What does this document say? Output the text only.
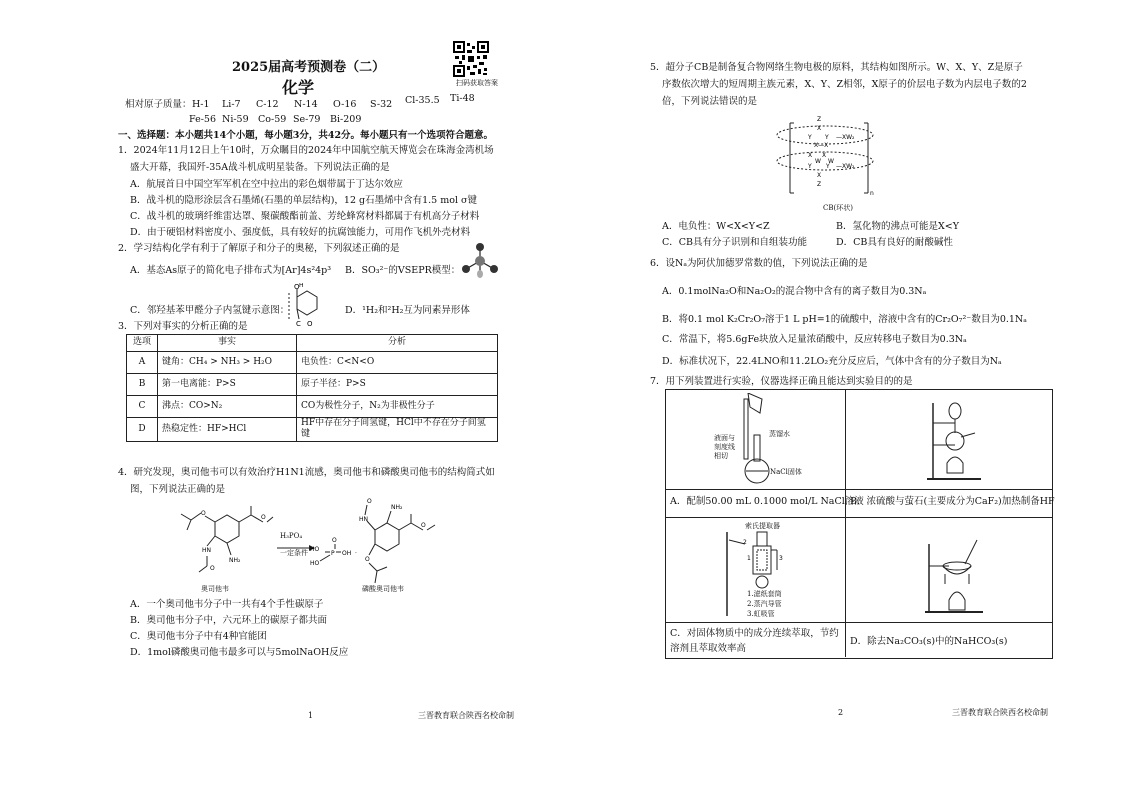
2025届高考预测卷（二）
扫码获取答案
化学
相对原子质量： H-1 Li-7 C-12 N-14 O-16 S-32 Cl-35.5 Ti-48
Fe-56 Ni-59 Co-59 Se-79 Bi-209
一、选择题：本小题共14个小题，每小题3分，共42分。每小题只有一个选项符合题意。
1．2024年11月12日上午10时，万众瞩目的2024年中国航空航天博览会在珠海金湾机场
盛大开幕，我国歼-35A战斗机成明星装备。下列说法正确的是
A．航展首日中国空军军机在空中拉出的彩色烟带属于丁达尔效应
B．战斗机的隐形涂层含石墨烯(石墨的单层结构)，12 g石墨烯中含有1.5 mol σ键
C．战斗机的玻璃纤维雷达罩、聚碳酸酯前盖、芳纶蜂窝材料都属于有机高分子材料
D．由于硬铝材料密度小、强度低，具有较好的抗腐蚀能力，可用作飞机外壳材料
2．学习结构化学有利于了解原子和分子的奥秘，下列叙述正确的是
A．基态As原子的简化电子排布式为[Ar]4s²4p³ B．SO₃²⁻的VSEPR模型：
C．邻羟基苯甲醛分子内氢键示意图：
O H
C O
D．¹H₂和²H₂互为同素异形体
3．下列对事实的分析正确的是
选项	事实	分析
A	键角：CH₄ > NH₃ > H₂O	电负性：C<N<O
B	第一电离能：P>S	原子半径：P>S
C	沸点：CO>N₂	CO为极性分子，N₂为非极性分子
D	热稳定性：HF>HCl	HF中存在分子间氢键，HCl中不存在分子间氢键
4．研究发现，奥司他韦可以有效治疗H1N1流感，奥司他韦和磷酸奥司他韦的结构简式如
图，下列说法正确的是
O
O
HN
O
NH₂
H₃PO₄
一定条件 HO
O
P OH
HO
·
O
HN
O
NH₂
O
奥司他韦	磷酸奥司他韦
A．一个奥司他韦分子中一共有4个手性碳原子
B．奥司他韦分子中，六元环上的碳原子都共面
C．奥司他韦分子中有4种官能团
D．1mol磷酸奥司他韦最多可以与5molNaOH反应
1	三晋教育联合陕西名校命制
5．超分子CB是制备复合物网络生物电极的原料，其结构如图所示。W、X、Y、Z是原子
序数依次增大的短周期主族元素，X、Y、Z相邻，X原子的价层电子数为内层电子数的2
倍，下列说法错误的是
n
Z
X
Y Y —XW₂
X—X
X X
W W
Y Y —XW₂
X
Z
CB(环状)
A．电负性：W<X<Y<Z	B．氢化物的沸点可能是X<Y
C．CB具有分子识别和自组装功能	D．CB具有良好的耐酸碱性
6．设Nₐ为阿伏加德罗常数的值，下列说法正确的是
A．0.1molNa₂O和Na₂O₂的混合物中含有的离子数目为0.3Nₐ
B．将0.1 mol K₂Cr₂O₇溶于1 L pH=1的硫酸中，溶液中含有的Cr₂O₇²⁻数目为0.1Nₐ
C．常温下，将5.6gFe块放入足量浓硝酸中，反应转移电子数目为0.3Nₐ
D．标准状况下，22.4LNO和11.2LO₂充分反应后，气体中含有的分子数目为Nₐ
7．用下列装置进行实验，仪器选择正确且能达到实验目的的是
液面与
刻度线
相切
蒸馏水
NaCl固体
A．配制50.00 mL 0.1000 mol/L NaCl溶液
B．浓硫酸与萤石(主要成分为CaF₂)加热制备HF
索氏提取器
2
1	3
1.滤纸套筒
2.蒸汽导管
3.虹吸管
C．对固体物质中的成分连续萃取，节约
溶剂且萃取效率高
D．除去Na₂CO₃(s)中的NaHCO₃(s)
2	三晋教育联合陕西名校命制
